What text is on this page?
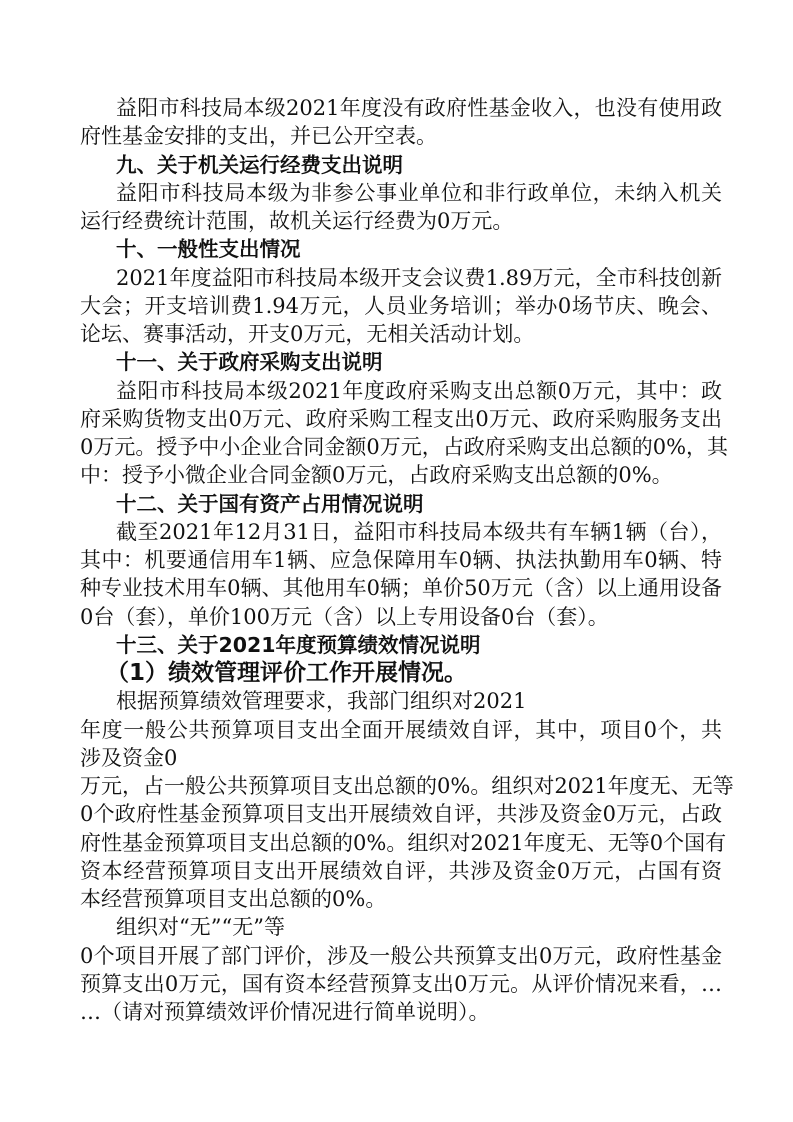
益阳市科技局本级2021年度没有政府性基金收入，也没有使用政
府性基金安排的支出，并已公开空表。
九、关于机关运行经费支出说明
益阳市科技局本级为非参公事业单位和非行政单位，未纳入机关
运行经费统计范围，故机关运行经费为0万元。
十、一般性支出情况
2021年度益阳市科技局本级开支会议费1.89万元，全市科技创新
大会；开支培训费1.94万元，人员业务培训；举办0场节庆、晚会、
论坛、赛事活动，开支0万元，无相关活动计划。
十一、关于政府采购支出说明
益阳市科技局本级2021年度政府采购支出总额0万元，其中：政
府采购货物支出0万元、政府采购工程支出0万元、政府采购服务支出
0万元。授予中小企业合同金额0万元，占政府采购支出总额的0%，其
中：授予小微企业合同金额0万元，占政府采购支出总额的0%。
十二、关于国有资产占用情况说明
截至2021年12月31日，益阳市科技局本级共有车辆1辆（台），
其中：机要通信用车1辆、应急保障用车0辆、执法执勤用车0辆、特
种专业技术用车0辆、其他用车0辆；单价50万元（含）以上通用设备
0台（套），单价100万元（含）以上专用设备0台（套）。
十三、关于2021年度预算绩效情况说明
（1）绩效管理评价工作开展情况。
根据预算绩效管理要求，我部门组织对2021
年度一般公共预算项目支出全面开展绩效自评，其中，项目0个，共
涉及资金0
万元，占一般公共预算项目支出总额的0%。组织对2021年度无、无等
0个政府性基金预算项目支出开展绩效自评，共涉及资金0万元，占政
府性基金预算项目支出总额的0%。组织对2021年度无、无等0个国有
资本经营预算项目支出开展绩效自评，共涉及资金0万元，占国有资
本经营预算项目支出总额的0%。
组织对“无”“无”等
0个项目开展了部门评价，涉及一般公共预算支出0万元，政府性基金
预算支出0万元，国有资本经营预算支出0万元。从评价情况来看，…
…（请对预算绩效评价情况进行简单说明）。
